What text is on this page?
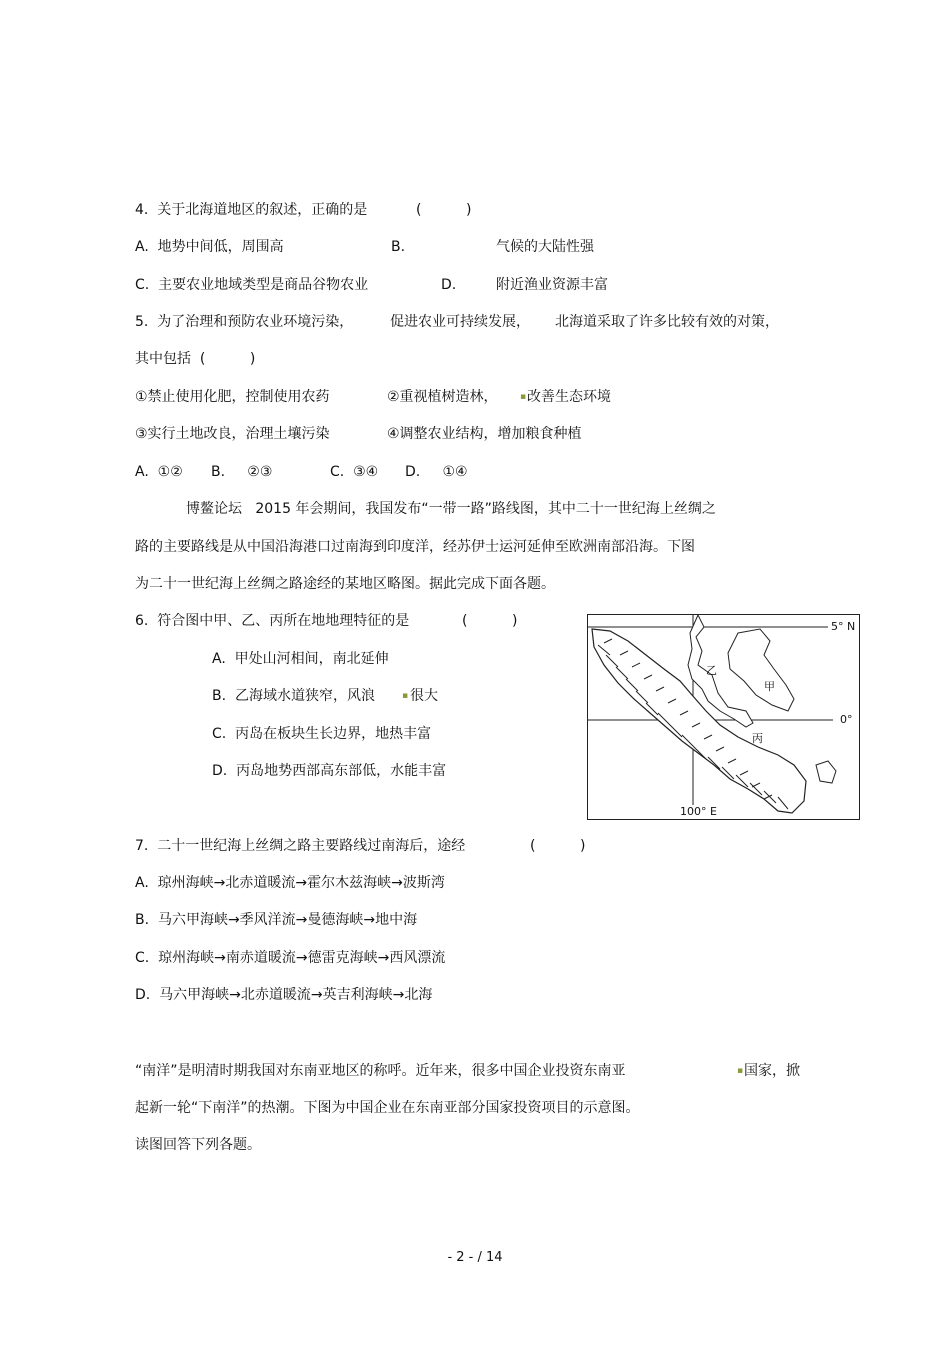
4.  关于北海道地区的叙述，正确的是	(          )
A.  地势中间低，周围高	B.	气候的大陆性强
C.  主要农业地域类型是商品谷物农业	D.	附近渔业资源丰富
5.  为了治理和预防农业环境污染，	促进农业可持续发展， 北海道采取了许多比较有效的对策，
其中包括  (          )
①禁止使用化肥，控制使用农药	②重视植树造林， ▪ 改善生态环境
③实行土地改良，治理土壤污染	④调整农业结构，增加粮食种植
A.  ①② B.     ②③	C.  ③④ D.     ①④
博鳌论坛   2015 年会期间，我国发布“一带一路”路线图，其中二十一世纪海上丝绸之
路的主要路线是从中国沿海港口过南海到印度洋，经苏伊士运河延伸至欧洲南部沿海。下图
为二十一世纪海上丝绸之路途经的某地区略图。据此完成下面各题。
6.  符合图中甲、乙、丙所在地地理特征的是	(          )
A.  甲处山河相间，南北延伸
B.  乙海域水道狭窄，风浪	▪ 很大
C.  丙岛在板块生长边界，地热丰富
D.  丙岛地势西部高东部低，水能丰富
5° N
0°
100° E
甲
乙
丙
7.  二十一世纪海上丝绸之路主要路线过南海后，途经	(          )
A.  琼州海峡→北赤道暖流→霍尔木兹海峡→波斯湾
B.  马六甲海峡→季风洋流→曼德海峡→地中海
C.  琼州海峡→南赤道暖流→德雷克海峡→西风漂流
D.  马六甲海峡→北赤道暖流→英吉利海峡→北海
“南洋”是明清时期我国对东南亚地区的称呼。近年来，很多中国企业投资东南亚	▪ 国家，掀
起新一轮“下南洋”的热潮。下图为中国企业在东南亚部分国家投资项目的示意图。
读图回答下列各题。
- 2 - / 14
